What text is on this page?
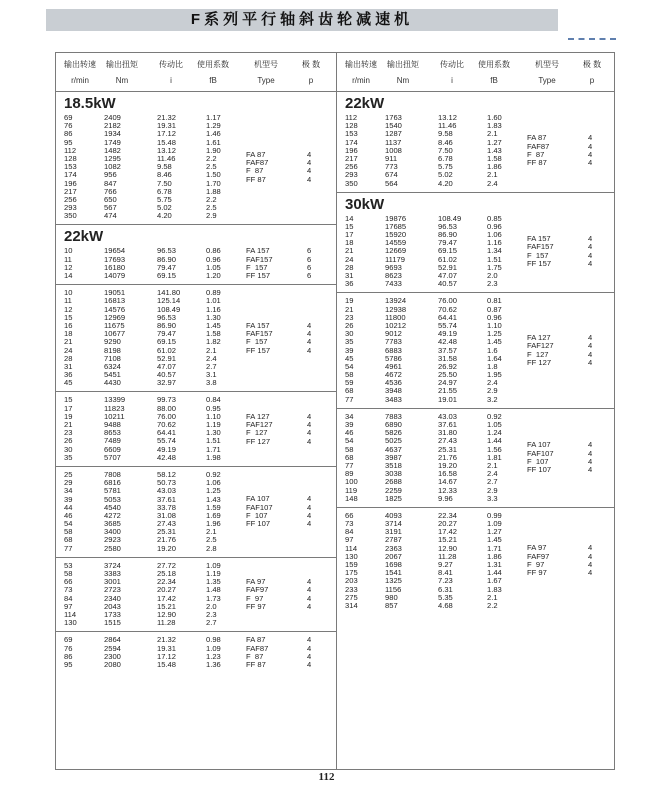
F系列平行轴斜齿轮减速机
输出转速	输出扭矩	传动比	使用系数	机型号	极 数
r/min	Nm	i	fB	Type	p
18.5kW
69	2409	21.32	1.17
76	2182	19.31	1.29
86	1934	17.12	1.46
95	1749	15.48	1.61
112	1482	13.12	1.90
128	1295	11.46	2.2
153	1082	9.58	2.5
174	956	8.46	1.50
196	847	7.50	1.70
217	766	6.78	1.88
256	650	5.75	2.2
293	567	5.02	2.5
350	474	4.20	2.9
FA 87	4
FAF87	4
F  87	4
FF 87	4
22kW
10	19654	96.53	0.86
11	17693	86.90	0.96
12	16180	79.47	1.05
14	14079	69.15	1.20
FA 157	6
FAF157	6
F  157	6
FF 157	6
10	19051	141.80	0.89
11	16813	125.14	1.01
12	14576	108.49	1.16
15	12969	96.53	1.30
16	11675	86.90	1.45
18	10677	79.47	1.58
21	9290	69.15	1.82
24	8198	61.02	2.1
28	7108	52.91	2.4
31	6324	47.07	2.7
36	5451	40.57	3.1
45	4430	32.97	3.8
FA 157	4
FAF157	4
F  157	4
FF 157	4
15	13399	99.73	0.84
17	11823	88.00	0.95
19	10211	76.00	1.10
21	9488	70.62	1.19
23	8653	64.41	1.30
26	7489	55.74	1.51
30	6609	49.19	1.71
35	5707	42.48	1.98
FA 127	4
FAF127	4
F  127	4
FF 127	4
25	7808	58.12	0.92
29	6816	50.73	1.06
34	5781	43.03	1.25
39	5053	37.61	1.43
44	4540	33.78	1.59
46	4272	31.08	1.69
54	3685	27.43	1.96
58	3400	25.31	2.1
68	2923	21.76	2.5
77	2580	19.20	2.8
FA 107	4
FAF107	4
F  107	4
FF 107	4
53	3724	27.72	1.09
58	3383	25.18	1.19
66	3001	22.34	1.35
73	2723	20.27	1.48
84	2340	17.42	1.73
97	2043	15.21	2.0
114	1733	12.90	2.3
130	1515	11.28	2.7
FA 97	4
FAF97	4
F  97	4
FF 97	4
69	2864	21.32	0.98
76	2594	19.31	1.09
86	2300	17.12	1.23
95	2080	15.48	1.36
FA 87	4
FAF87	4
F  87	4
FF 87	4
输出转速	输出扭矩	传动比	使用系数	机型号	极 数
r/min	Nm	i	fB	Type	p
22kW
112	1763	13.12	1.60
128	1540	11.46	1.83
153	1287	9.58	2.1
174	1137	8.46	1.27
196	1008	7.50	1.43
217	911	6.78	1.58
256	773	5.75	1.86
293	674	5.02	2.1
350	564	4.20	2.4
FA 87	4
FAF87	4
F  87	4
FF 87	4
30kW
14	19876	108.49	0.85
15	17685	96.53	0.96
17	15920	86.90	1.06
18	14559	79.47	1.16
21	12669	69.15	1.34
24	11179	61.02	1.51
28	9693	52.91	1.75
31	8623	47.07	2.0
36	7433	40.57	2.3
FA 157	4
FAF157	4
F  157	4
FF 157	4
19	13924	76.00	0.81
21	12938	70.62	0.87
23	11800	64.41	0.96
26	10212	55.74	1.10
30	9012	49.19	1.25
35	7783	42.48	1.45
39	6883	37.57	1.6
45	5786	31.58	1.64
54	4961	26.92	1.8
58	4672	25.50	1.95
59	4536	24.97	2.4
68	3948	21.55	2.9
77	3483	19.01	3.2
FA 127	4
FAF127	4
F  127	4
FF 127	4
34	7883	43.03	0.92
39	6890	37.61	1.05
46	5826	31.80	1.24
54	5025	27.43	1.44
58	4637	25.31	1.56
68	3987	21.76	1.81
77	3518	19.20	2.1
89	3038	16.58	2.4
100	2688	14.67	2.7
119	2259	12.33	2.9
148	1825	9.96	3.3
FA 107	4
FAF107	4
F  107	4
FF 107	4
66	4093	22.34	0.99
73	3714	20.27	1.09
84	3191	17.42	1.27
97	2787	15.21	1.45
114	2363	12.90	1.71
130	2067	11.28	1.86
159	1698	9.27	1.31
175	1541	8.41	1.44
203	1325	7.23	1.67
233	1156	6.31	1.83
275	980	5.35	2.1
314	857	4.68	2.2
FA 97	4
FAF97	4
F  97	4
FF 97	4
112
